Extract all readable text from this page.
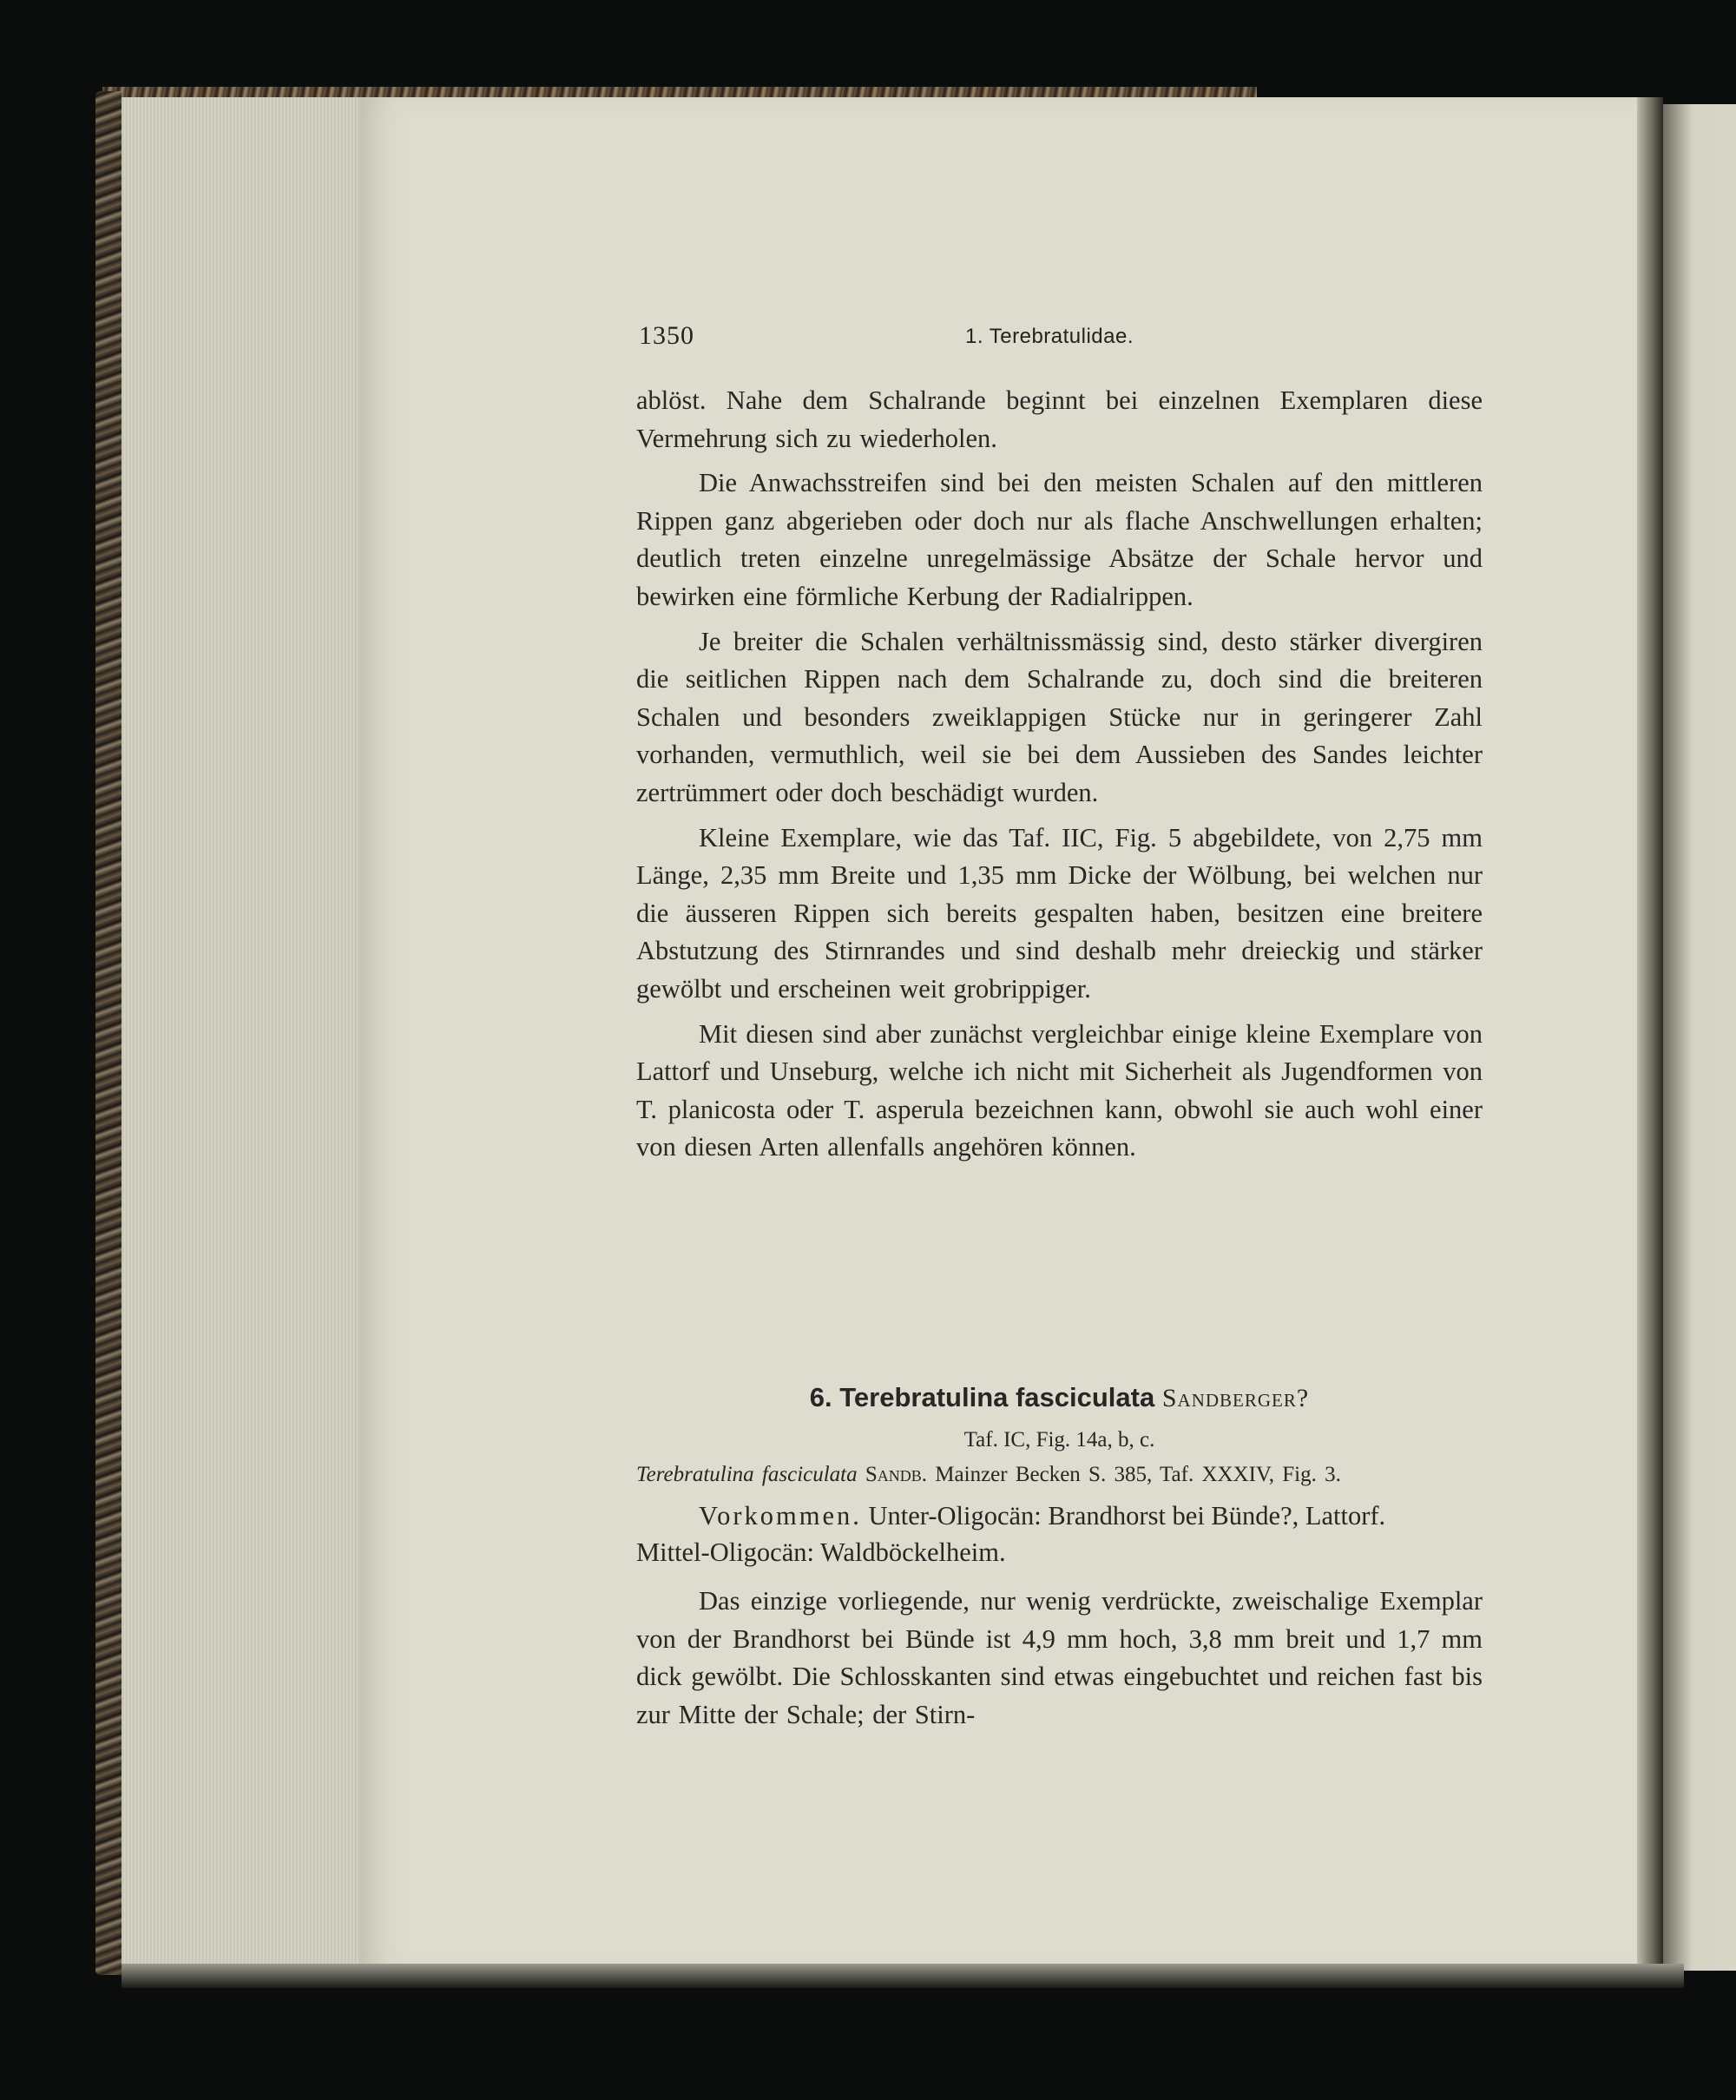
1350	1. Terebratulidae.

ablöst. Nahe dem Schalrande beginnt bei einzelnen Exemplaren diese Vermehrung sich zu wiederholen.

Die Anwachsstreifen sind bei den meisten Schalen auf den mittleren Rippen ganz abgerieben oder doch nur als flache Anschwellungen erhalten; deutlich treten einzelne unregelmässige Absätze der Schale hervor und bewirken eine förmliche Kerbung der Radialrippen.

Je breiter die Schalen verhältnissmässig sind, desto stärker divergiren die seitlichen Rippen nach dem Schalrande zu, doch sind die breiteren Schalen und besonders zweiklappigen Stücke nur in geringerer Zahl vorhanden, vermuthlich, weil sie bei dem Aussieben des Sandes leichter zertrümmert oder doch beschädigt wurden.

Kleine Exemplare, wie das Taf. IIC, Fig. 5 abgebildete, von 2,75 mm Länge, 2,35 mm Breite und 1,35 mm Dicke der Wölbung, bei welchen nur die äusseren Rippen sich bereits gespalten haben, besitzen eine breitere Abstutzung des Stirnrandes und sind deshalb mehr dreieckig und stärker gewölbt und erscheinen weit grobrippiger.

Mit diesen sind aber zunächst vergleichbar einige kleine Exemplare von Lattorf und Unseburg, welche ich nicht mit Sicherheit als Jugendformen von T. planicosta oder T. asperula bezeichnen kann, obwohl sie auch wohl einer von diesen Arten allenfalls angehören können.

6. Terebratulina fasciculata Sandberger?

Taf. IC, Fig. 14a, b, c.

Terebratulina fasciculata Sandb. Mainzer Becken S. 385, Taf. XXXIV, Fig. 3.

Vorkommen. Unter-Oligocän: Brandhorst bei Bünde?, Lattorf.

Mittel-Oligocän: Waldböckelheim.

Das einzige vorliegende, nur wenig verdrückte, zweischalige Exemplar von der Brandhorst bei Bünde ist 4,9 mm hoch, 3,8 mm breit und 1,7 mm dick gewölbt. Die Schlosskanten sind etwas eingebuchtet und reichen fast bis zur Mitte der Schale; der Stirn-
